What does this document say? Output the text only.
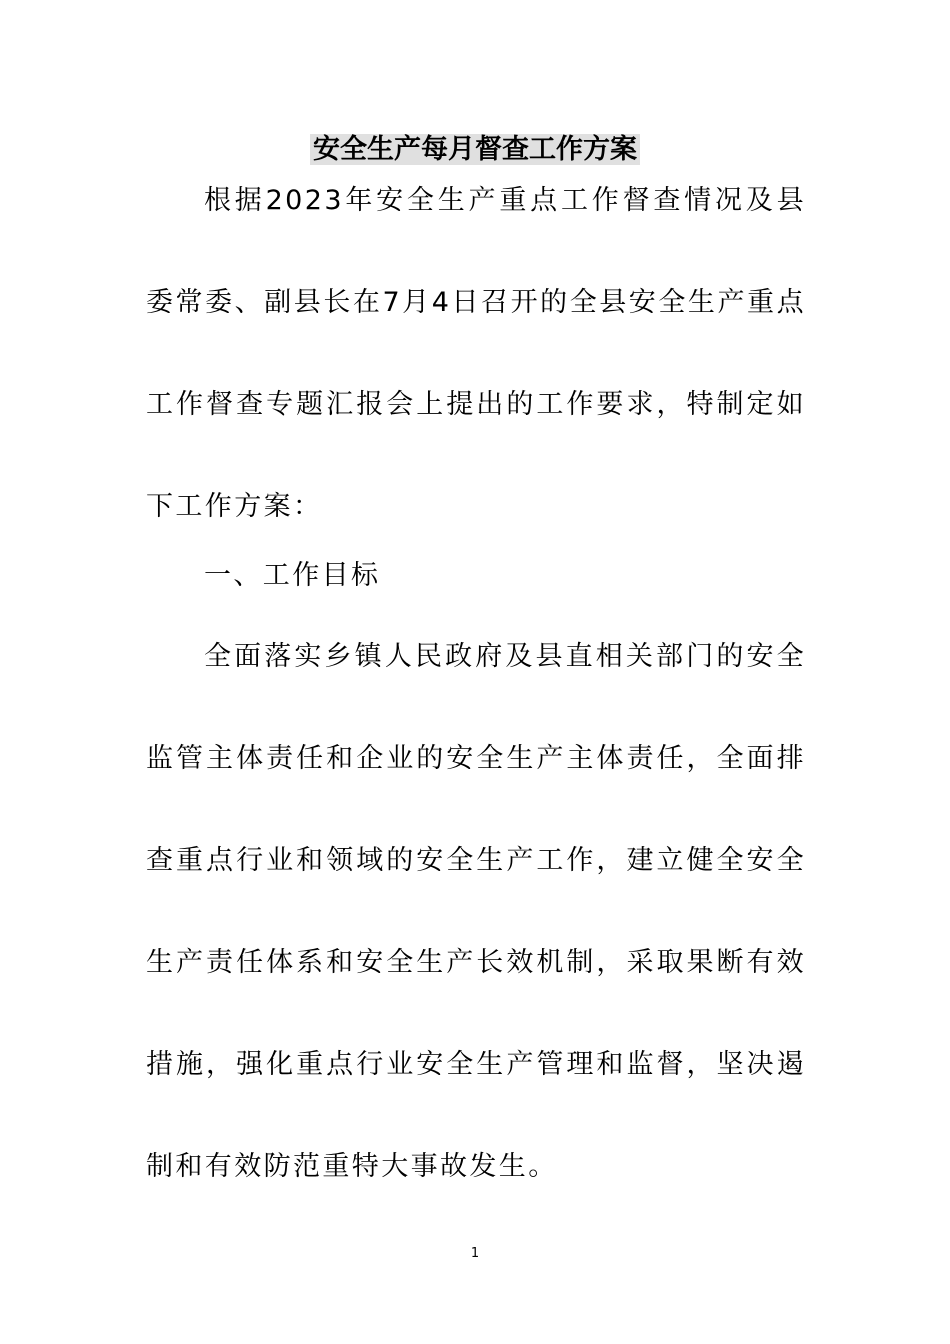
安全生产每月督查工作方案

根据2023年安全生产重点工作督查情况及县委常委、副县长在7月4日召开的全县安全生产重点工作督查专题汇报会上提出的工作要求，特制定如下工作方案：

一、工作目标

全面落实乡镇人民政府及县直相关部门的安全监管主体责任和企业的安全生产主体责任，全面排查重点行业和领域的安全生产工作，建立健全安全生产责任体系和安全生产长效机制，采取果断有效措施，强化重点行业安全生产管理和监督，坚决遏制和有效防范重特大事故发生。

1
